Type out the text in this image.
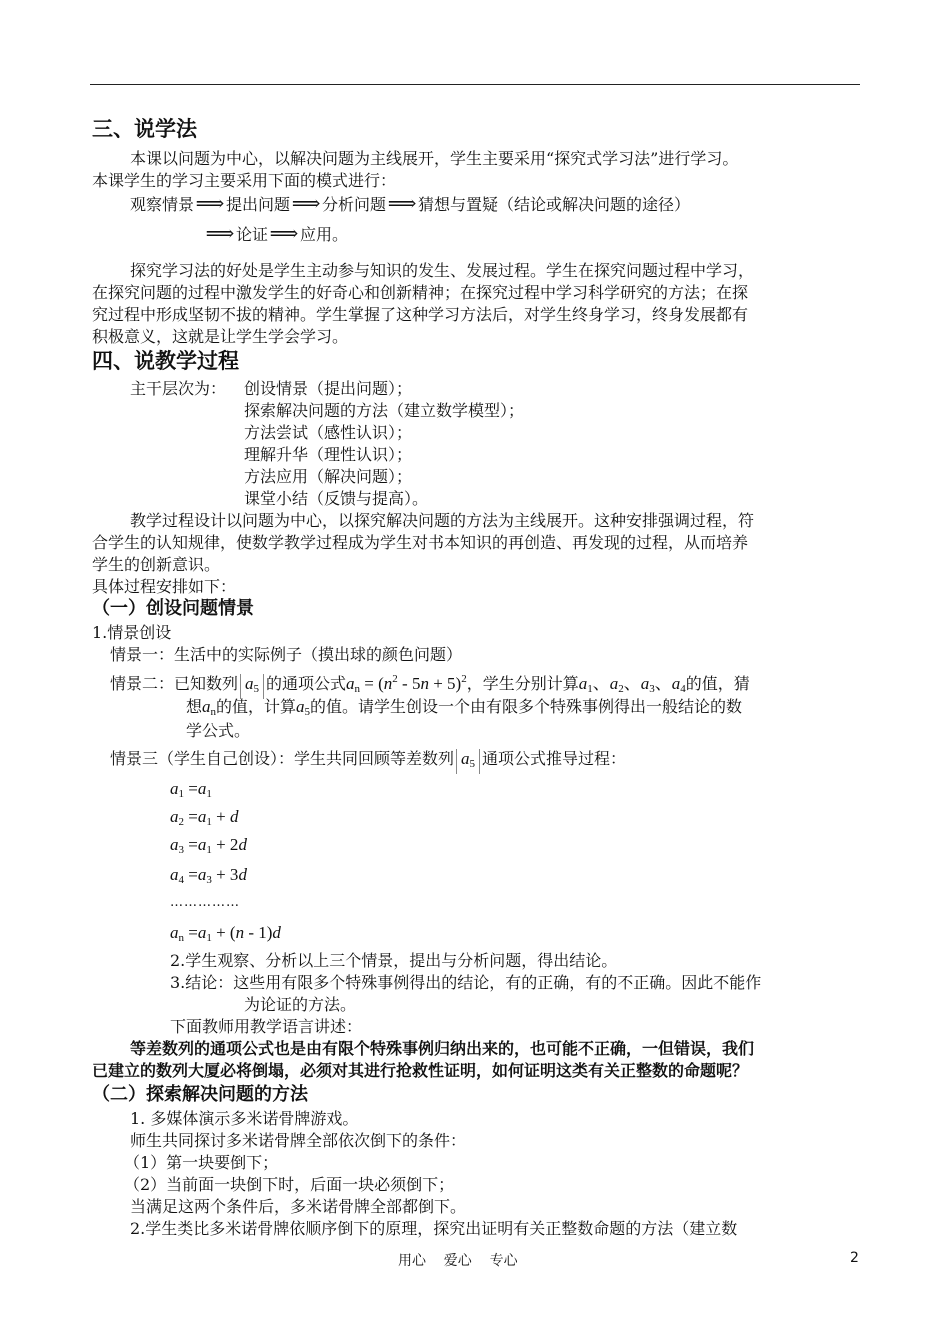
三、说学法
本课以问题为中心，以解决问题为主线展开，学生主要采用“探究式学习法”进行学习。
本课学生的学习主要采用下面的模式进行：
观察情景⟹ 提出问题⟹ 分析问题⟹ 猜想与置疑（结论或解决问题的途径）
⟹ 论证⟹ 应用。
探究学习法的好处是学生主动参与知识的发生、发展过程。学生在探究问题过程中学习，
在探究问题的过程中激发学生的好奇心和创新精神；在探究过程中学习科学研究的方法；在探
究过程中形成坚韧不拔的精神。学生掌握了这种学习方法后，对学生终身学习，终身发展都有
积极意义，这就是让学生学会学习。
四、说教学过程
主干层次为： 创设情景（提出问题）；
探索解决问题的方法（建立数学模型）；
方法尝试（感性认识）；
理解升华（理性认识）；
方法应用（解决问题）；
课堂小结（反馈与提高）。
教学过程设计以问题为中心，以探究解决问题的方法为主线展开。这种安排强调过程，符
合学生的认知规律，使数学教学过程成为学生对书本知识的再创造、再发现的过程，从而培养
学生的创新意识。
具体过程安排如下：
（一）创设问题情景
1.情景创设
情景一：生活中的实际例子（摸出球的颜色问题）
情景二：已知数列 $a_5$ 的通项公式$a_n = (n^2 - 5n + 5)^2$，学生分别计算$a_1$、$a_2$、$a_3$、$a_4$的值，猜
想$a_n$的值，计算$a_5$的值。请学生创设一个由有限多个特殊事例得出一般结论的数
学公式。
情景三（学生自己创设）：学生共同回顾等差数列 $a_5$ 通项公式推导过程：
$a_1 =a_1$
$a_2 =a_1 + d$
$a_3 =a_1 + 2d$
$a_4 =a_3 + 3d$
……………
$a_n =a_1 + (n - 1)d$
2.学生观察、分析以上三个情景，提出与分析问题，得出结论。
3.结论：这些用有限多个特殊事例得出的结论，有的正确，有的不正确。因此不能作
为论证的方法。
下面教师用教学语言讲述：
等差数列的通项公式也是由有限个特殊事例归纳出来的，也可能不正确，一但错误，我们
已建立的数列大厦必将倒塌，必须对其进行抢救性证明，如何证明这类有关正整数的命题呢？
（二）探索解决问题的方法
1. 多媒体演示多米诺骨牌游戏。
师生共同探讨多米诺骨牌全部依次倒下的条件：
（1）第一块要倒下；
（2）当前面一块倒下时，后面一块必须倒下；
当满足这两个条件后，多米诺骨牌全部都倒下。
2.学生类比多米诺骨牌依顺序倒下的原理，探究出证明有关正整数命题的方法（建立数
用心    爱心    专心	2
